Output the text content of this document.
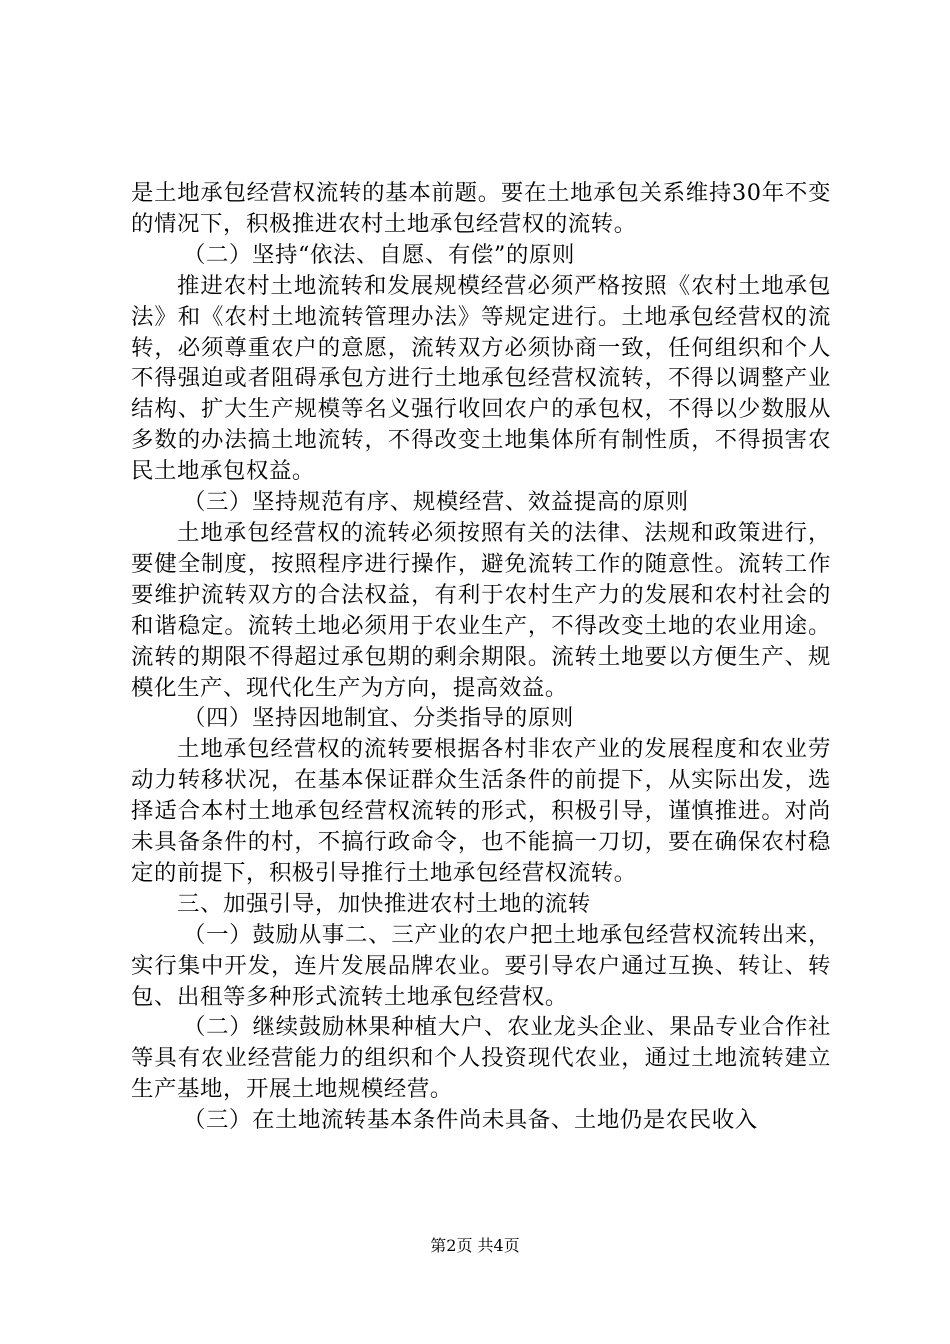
是土地承包经营权流转的基本前题。要在土地承包关系维持30年不变的情况下，积极推进农村土地承包经营权的流转。

（二）坚持“依法、自愿、有偿”的原则

推进农村土地流转和发展规模经营必须严格按照《农村土地承包法》和《农村土地流转管理办法》等规定进行。土地承包经营权的流转，必须尊重农户的意愿，流转双方必须协商一致，任何组织和个人不得强迫或者阻碍承包方进行土地承包经营权流转，不得以调整产业结构、扩大生产规模等名义强行收回农户的承包权，不得以少数服从多数的办法搞土地流转，不得改变土地集体所有制性质，不得损害农民土地承包权益。

（三）坚持规范有序、规模经营、效益提高的原则

土地承包经营权的流转必须按照有关的法律、法规和政策进行，要健全制度，按照程序进行操作，避免流转工作的随意性。流转工作要维护流转双方的合法权益，有利于农村生产力的发展和农村社会的和谐稳定。流转土地必须用于农业生产，不得改变土地的农业用途。流转的期限不得超过承包期的剩余期限。流转土地要以方便生产、规模化生产、现代化生产为方向，提高效益。

（四）坚持因地制宜、分类指导的原则

土地承包经营权的流转要根据各村非农产业的发展程度和农业劳动力转移状况，在基本保证群众生活条件的前提下，从实际出发，选择适合本村土地承包经营权流转的形式，积极引导，谨慎推进。对尚未具备条件的村，不搞行政命令，也不能搞一刀切，要在确保农村稳定的前提下，积极引导推行土地承包经营权流转。

三、加强引导，加快推进农村土地的流转

（一）鼓励从事二、三产业的农户把土地承包经营权流转出来，实行集中开发，连片发展品牌农业。要引导农户通过互换、转让、转包、出租等多种形式流转土地承包经营权。

（二）继续鼓励林果种植大户、农业龙头企业、果品专业合作社等具有农业经营能力的组织和个人投资现代农业，通过土地流转建立生产基地，开展土地规模经营。

（三）在土地流转基本条件尚未具备、土地仍是农民收入

第2页 共4页
